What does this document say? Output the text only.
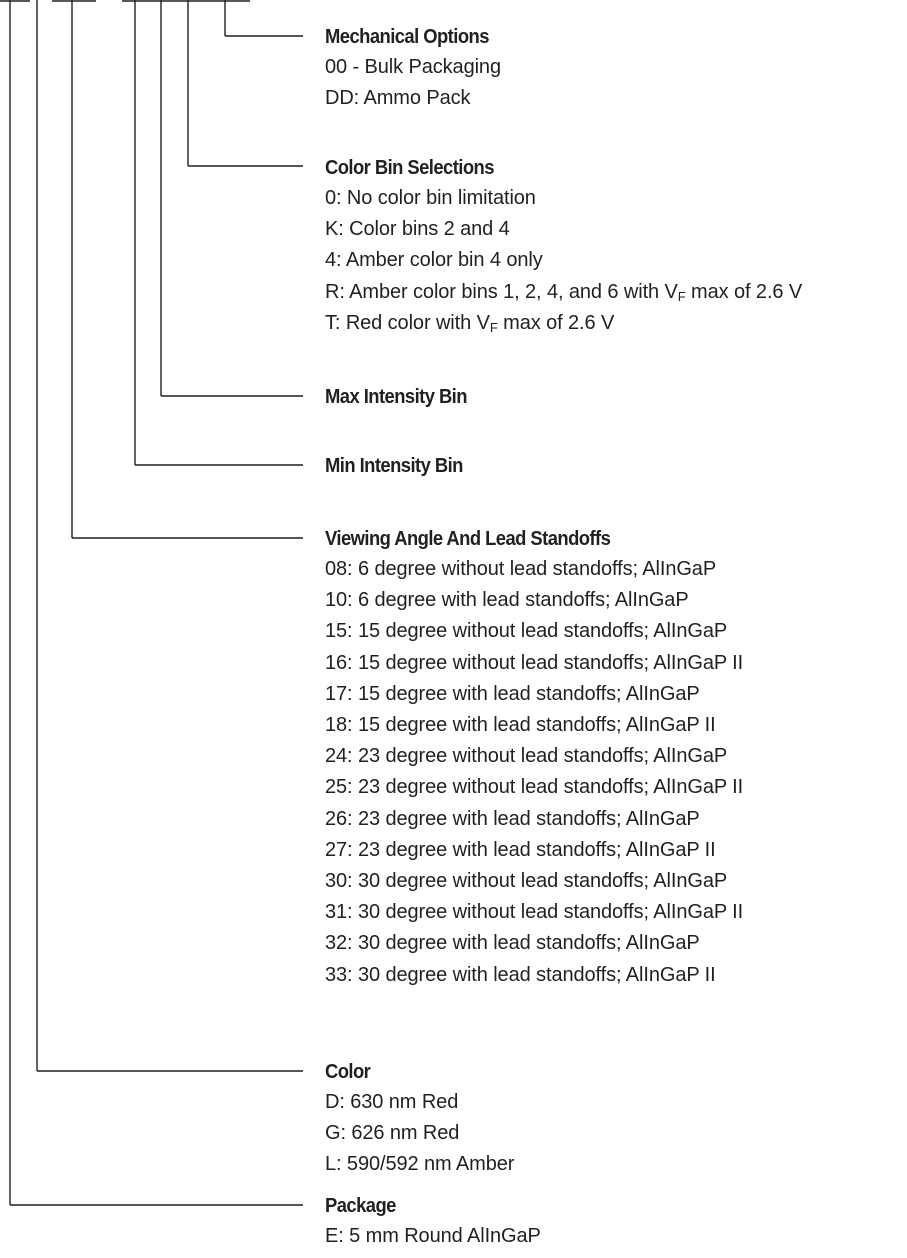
Mechanical Options
00 - Bulk Packaging
DD: Ammo Pack
Color Bin Selections
0: No color bin limitation
K: Color bins 2 and 4
4: Amber color bin 4 only
R: Amber color bins 1, 2, 4, and 6 with $V_F$ max of 2.6 V
T: Red color with $V_F$ max of 2.6 V
Max Intensity Bin
Min Intensity Bin
Viewing Angle And Lead Standoffs
08: 6 degree without lead standoffs; AlInGaP
10: 6 degree with lead standoffs; AlInGaP
15: 15 degree without lead standoffs; AlInGaP
16: 15 degree without lead standoffs; AlInGaP II
17: 15 degree with lead standoffs; AlInGaP
18: 15 degree with lead standoffs; AlInGaP II
24: 23 degree without lead standoffs; AlInGaP
25: 23 degree without lead standoffs; AlInGaP II
26: 23 degree with lead standoffs; AlInGaP
27: 23 degree with lead standoffs; AlInGaP II
30: 30 degree without lead standoffs; AlInGaP
31: 30 degree without lead standoffs; AlInGaP II
32: 30 degree with lead standoffs; AlInGaP
33: 30 degree with lead standoffs; AlInGaP II
Color
D: 630 nm Red
G: 626 nm Red
L: 590/592 nm Amber
Package
E: 5 mm Round AlInGaP
